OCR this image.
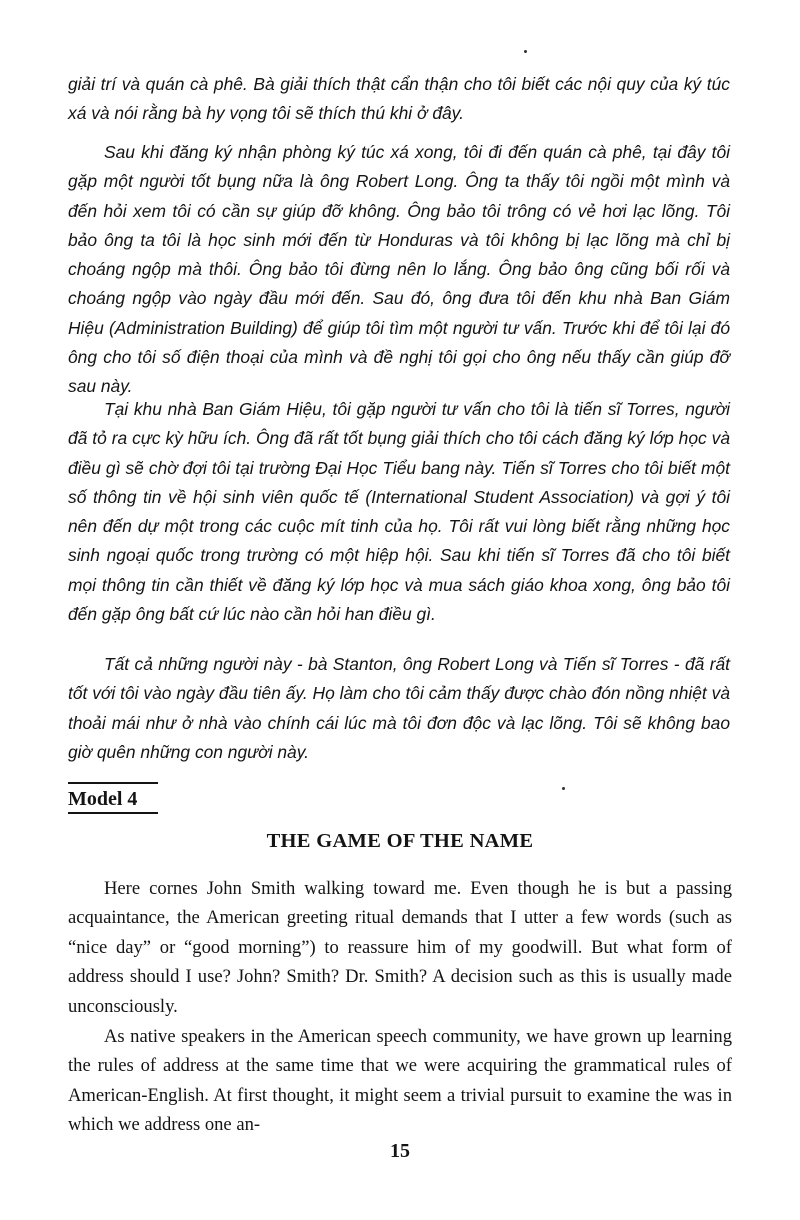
giải trí và quán cà phê. Bà giải thích thật cẩn thận cho tôi biết các nội quy của ký túc xá và nói rằng bà hy vọng tôi sẽ thích thú khi ở đây.

Sau khi đăng ký nhận phòng ký túc xá xong, tôi đi đến quán cà phê, tại đây tôi gặp một người tốt bụng nữa là ông Robert Long. Ông ta thấy tôi ngồi một mình và đến hỏi xem tôi có cần sự giúp đỡ không. Ông bảo tôi trông có vẻ hơi lạc lõng. Tôi bảo ông ta tôi là học sinh mới đến từ Honduras và tôi không bị lạc lõng mà chỉ bị choáng ngộp mà thôi. Ông bảo tôi đừng nên lo lắng. Ông bảo ông cũng bối rối và choáng ngộp vào ngày đầu mới đến. Sau đó, ông đưa tôi đến khu nhà Ban Giám Hiệu (Administration Building) để giúp tôi tìm một người tư vấn. Trước khi để tôi lại đó ông cho tôi số điện thoại của mình và đề nghị tôi gọi cho ông nếu thấy cần giúp đỡ sau này.

Tại khu nhà Ban Giám Hiệu, tôi gặp người tư vấn cho tôi là tiến sĩ Torres, người đã tỏ ra cực kỳ hữu ích. Ông đã rất tốt bụng giải thích cho tôi cách đăng ký lớp học và điều gì sẽ chờ đợi tôi tại trường Đại Học Tiểu bang này. Tiến sĩ Torres cho tôi biết một số thông tin về hội sinh viên quốc tế (International Student Association) và gợi ý tôi nên đến dự một trong các cuộc mít tinh của họ. Tôi rất vui lòng biết rằng những học sinh ngoại quốc trong trường có một hiệp hội. Sau khi tiến sĩ Torres đã cho tôi biết mọi thông tin cần thiết về đăng ký lớp học và mua sách giáo khoa xong, ông bảo tôi đến gặp ông bất cứ lúc nào cần hỏi han điều gì.

Tất cả những người này - bà Stanton, ông Robert Long và Tiến sĩ Torres - đã rất tốt với tôi vào ngày đầu tiên ấy. Họ làm cho tôi cảm thấy được chào đón nồng nhiệt và thoải mái như ở nhà vào chính cái lúc mà tôi đơn độc và lạc lõng. Tôi sẽ không bao giờ quên những con người này.

Model 4
THE GAME OF THE NAME

Here cornes John Smith walking toward me. Even though he is but a passing acquaintance, the American greeting ritual demands that I utter a few words (such as “nice day” or “good morning”) to reassure him of my goodwill. But what form of address should I use? John? Smith? Dr. Smith? A decision such as this is usually made unconsciously.

As native speakers in the American speech community, we have grown up learning the rules of address at the same time that we were acquiring the grammatical rules of American-English. At first thought, it might seem a trivial pursuit to examine the was in which we address one an-

15
